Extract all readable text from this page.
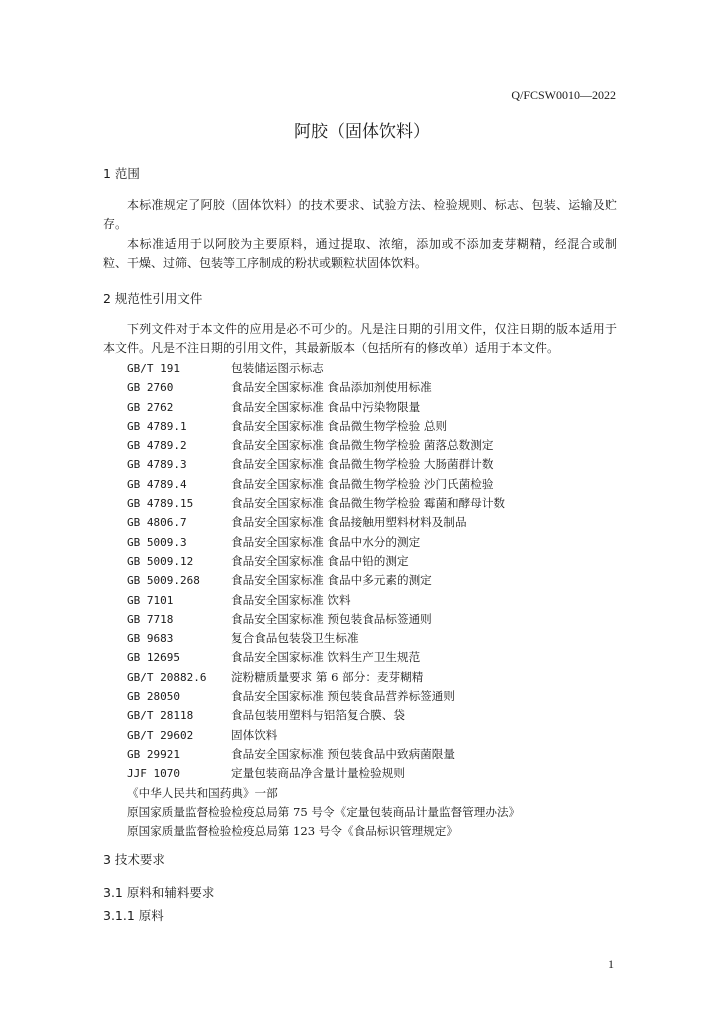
Q/FCSW0010—2022
阿胶（固体饮料）
1 范围
本标准规定了阿胶（固体饮料）的技术要求、试验方法、检验规则、标志、包装、运输及贮存。
本标准适用于以阿胶为主要原料，通过提取、浓缩，添加或不添加麦芽糊精，经混合或制粒、干燥、过筛、包装等工序制成的粉状或颗粒状固体饮料。
2 规范性引用文件
下列文件对于本文件的应用是必不可少的。凡是注日期的引用文件，仅注日期的版本适用于本文件。凡是不注日期的引用文件，其最新版本（包括所有的修改单）适用于本文件。
GB/T 191	包装储运图示标志
GB 2760	食品安全国家标准 食品添加剂使用标准
GB 2762	食品安全国家标准 食品中污染物限量
GB 4789.1	食品安全国家标准 食品微生物学检验 总则
GB 4789.2	食品安全国家标准 食品微生物学检验 菌落总数测定
GB 4789.3	食品安全国家标准 食品微生物学检验 大肠菌群计数
GB 4789.4	食品安全国家标准 食品微生物学检验 沙门氏菌检验
GB 4789.15	食品安全国家标准 食品微生物学检验 霉菌和酵母计数
GB 4806.7	食品安全国家标准 食品接触用塑料材料及制品
GB 5009.3	食品安全国家标准 食品中水分的测定
GB 5009.12	食品安全国家标准 食品中铅的测定
GB 5009.268	食品安全国家标准 食品中多元素的测定
GB 7101	食品安全国家标准 饮料
GB 7718	食品安全国家标准 预包装食品标签通则
GB 9683	复合食品包装袋卫生标准
GB 12695	食品安全国家标准 饮料生产卫生规范
GB/T 20882.6 淀粉糖质量要求 第 6 部分：麦芽糊精
GB 28050	食品安全国家标准 预包装食品营养标签通则
GB/T 28118	食品包装用塑料与铝箔复合膜、袋
GB/T 29602	固体饮料
GB 29921	食品安全国家标准 预包装食品中致病菌限量
JJF 1070	定量包装商品净含量计量检验规则
《中华人民共和国药典》一部
原国家质量监督检验检疫总局第 75 号令《定量包装商品计量监督管理办法》
原国家质量监督检验检疫总局第 123 号令《食品标识管理规定》
3 技术要求
3.1 原料和辅料要求
3.1.1 原料
1
